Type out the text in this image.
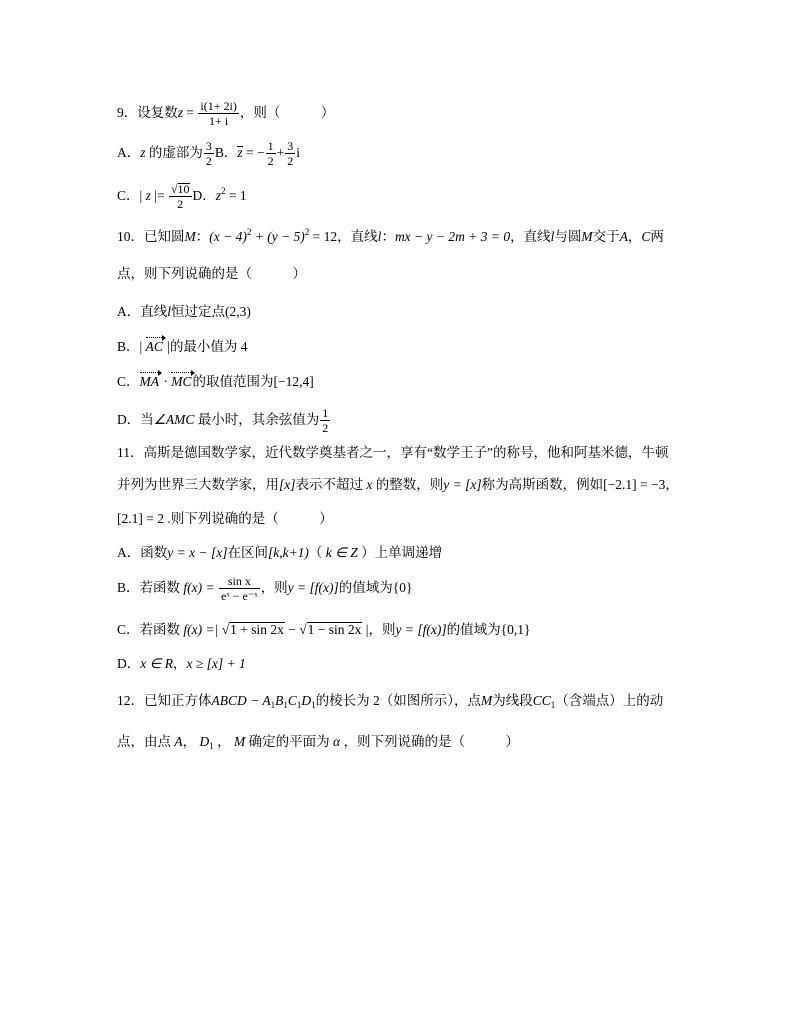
9．设复数$z = \frac{i(1+ 2i)}{1+ i}$ ，则（　　　）
A．z 的虚部为 $\frac{3}{2}$ B．z = − $\frac{1}{2} + \frac{3}{2}$ i
C．| z |= $\frac{√10}{2}$ D．$z^2 = 1$
10．已知圆M：$(x - 4)^2 + (y - 5)^2 = 12$，直线l：mx − y − 2m + 3 = 0，直线l与圆M交于A，C两
点，则下列说确的是（　　　）
A．直线l恒过定点(2,3)
B．|
AC |的最小值为 4
C．
MA ·
MC的取值范围为[−12,4]
D．当∠AMC 最小时，其余弦值为 $\frac{1}{2}$
11．高斯是德国数学家，近代数学奠基者之一，享有“数学王子”的称号，他和阿基米德，牛顿
并列为世界三大数学家，用[x]表示不超过 x 的整数，则y = [x]称为高斯函数，例如[−2.1] = −3，
[2.1] = 2 .则下列说确的是（　　　）
A．函数y = x − [x]在区间[k,k+1)（ k ∈ Z ）上单调递增
B．若函数 $f(x) = \frac{\text{sin x}}{\text{eˣ − e⁻ˣ}}$ ，则y = [f(x)]的值域为{0}
C．若函数 f(x) =| √1 + sin 2x − √1 − sin 2x |，则y = [f(x)]的值域为{0,1}
D．x ∈ R，x ≥ [x] + 1
12．已知正方体ABCD − $A_1B_1C_1D_1$的棱长为 2（如图所示），点M为线段$CC_1$（含端点）上的动
点，由点 A， $D_1$ ， M 确定的平面为 α ，则下列说确的是（　　　）
